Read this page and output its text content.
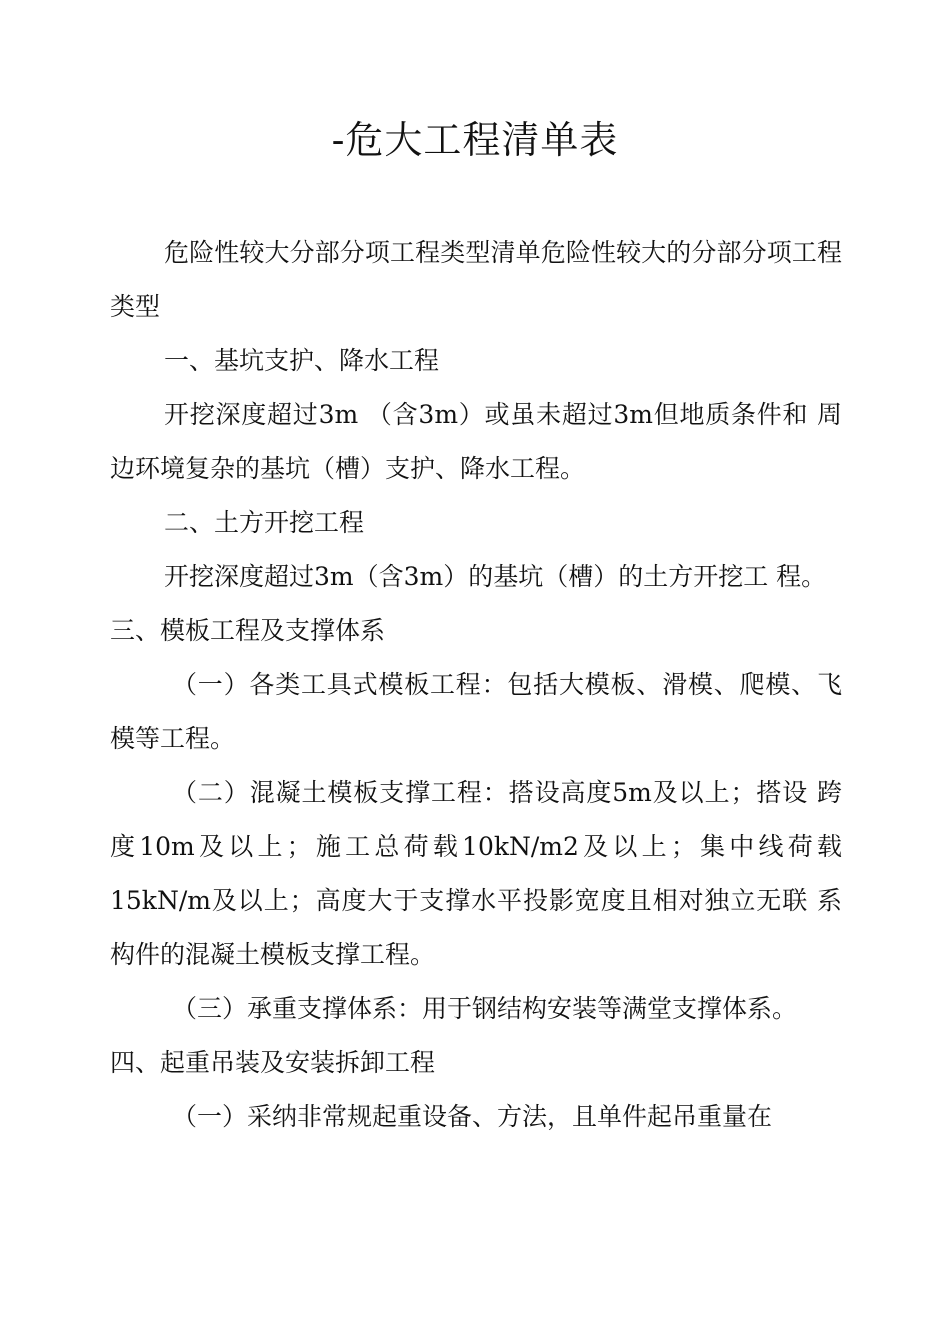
-危大工程清单表

危险性较大分部分项工程类型清单危险性较大的分部分项工程类型

一、基坑支护、降水工程

开挖深度超过3m （含3m）或虽未超过3m但地质条件和 周边环境复杂的基坑（槽）支护、降水工程。

二、土方开挖工程

开挖深度超过3m（含3m）的基坑（槽）的土方开挖工 程。

三、模板工程及支撑体系

（一）各类工具式模板工程：包括大模板、滑模、爬模、飞模等工程。

（二）混凝土模板支撑工程：搭设高度5m及以上；搭设 跨度10m及以上；施工总荷载10kN/m2及以上；集中线荷载15kN/m及以上；高度大于支撑水平投影宽度且相对独立无联 系构件的混凝土模板支撑工程。

（三）承重支撑体系：用于钢结构安装等满堂支撑体系。

四、起重吊装及安装拆卸工程

（一）采纳非常规起重设备、方法，且单件起吊重量在
